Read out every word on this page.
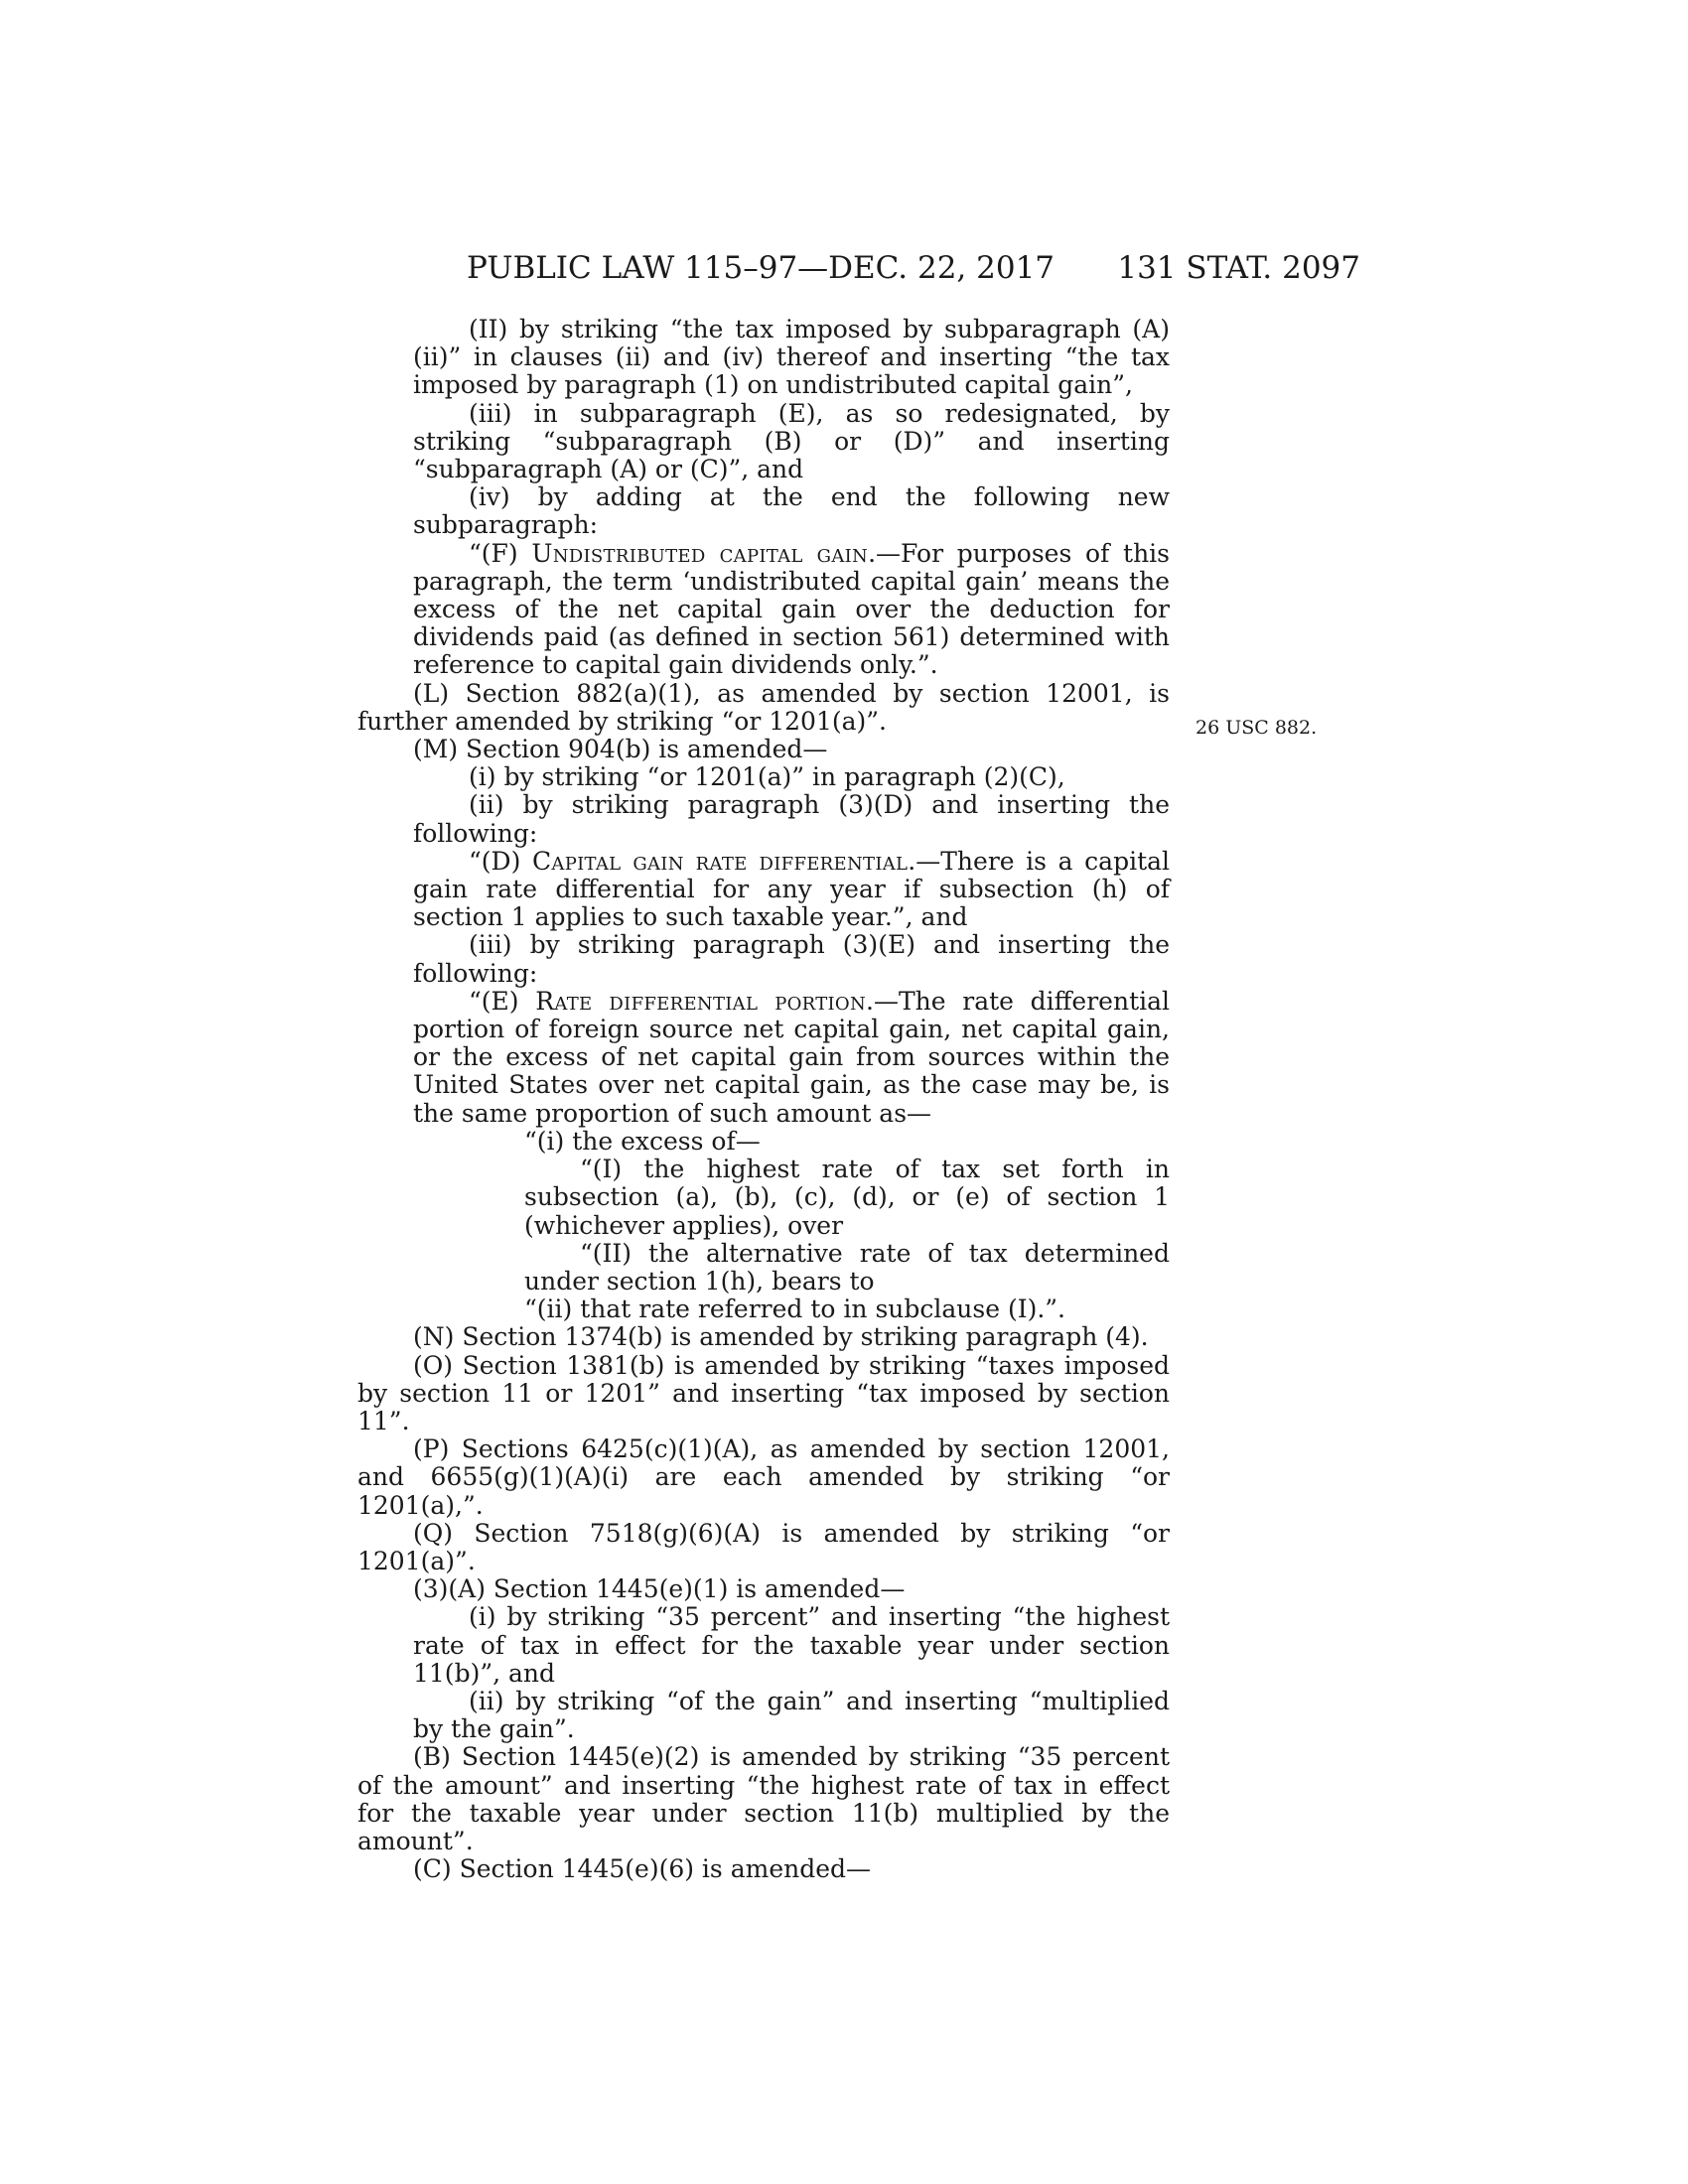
PUBLIC LAW 115–97—DEC. 22, 2017 131 STAT. 2097
26 USC 882.

(II) by striking “the tax imposed by subparagraph (A)(ii)” in clauses (ii) and (iv) thereof and inserting “the tax imposed by paragraph (1) on undistributed capital gain”,

(iii) in subparagraph (E), as so redesignated, by striking “subparagraph (B) or (D)” and inserting “subparagraph (A) or (C)”, and

(iv) by adding at the end the following new subparagraph:

“(F) Undistributed capital gain.—For purposes of this paragraph, the term ‘undistributed capital gain’ means the excess of the net capital gain over the deduction for dividends paid (as defined in section 561) determined with reference to capital gain dividends only.”.

(L) Section 882(a)(1), as amended by section 12001, is further amended by striking “or 1201(a)”.

(M) Section 904(b) is amended—

(i) by striking “or 1201(a)” in paragraph (2)(C),

(ii) by striking paragraph (3)(D) and inserting the following:

“(D) Capital gain rate differential.—There is a capital gain rate differential for any year if subsection (h) of section 1 applies to such taxable year.”, and

(iii) by striking paragraph (3)(E) and inserting the following:

“(E) Rate differential portion.—The rate differential portion of foreign source net capital gain, net capital gain, or the excess of net capital gain from sources within the United States over net capital gain, as the case may be, is the same proportion of such amount as—

“(i) the excess of—

“(I) the highest rate of tax set forth in subsection (a), (b), (c), (d), or (e) of section 1 (whichever applies), over

“(II) the alternative rate of tax determined under section 1(h), bears to

“(ii) that rate referred to in subclause (I).”.

(N) Section 1374(b) is amended by striking paragraph (4).

(O) Section 1381(b) is amended by striking “taxes imposed by section 11 or 1201” and inserting “tax imposed by section 11”.

(P) Sections 6425(c)(1)(A), as amended by section 12001, and 6655(g)(1)(A)(i) are each amended by striking “or 1201(a),”.

(Q) Section 7518(g)(6)(A) is amended by striking “or 1201(a)”.

(3)(A) Section 1445(e)(1) is amended—

(i) by striking “35 percent” and inserting “the highest rate of tax in effect for the taxable year under section 11(b)”, and

(ii) by striking “of the gain” and inserting “multiplied by the gain”.

(B) Section 1445(e)(2) is amended by striking “35 percent of the amount” and inserting “the highest rate of tax in effect for the taxable year under section 11(b) multiplied by the amount”.

(C) Section 1445(e)(6) is amended—
